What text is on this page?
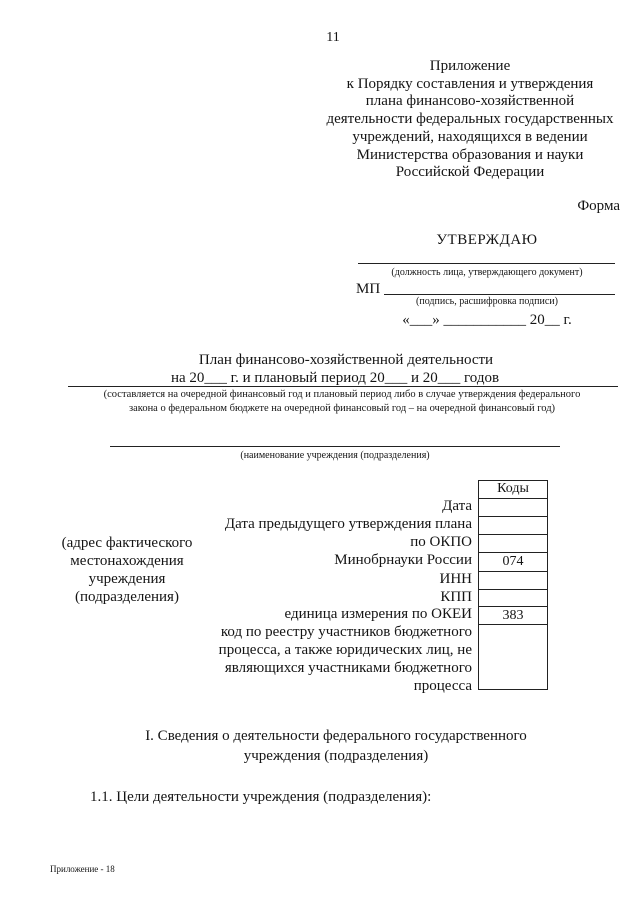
11
Приложение
к Порядку составления и утверждения
плана финансово-хозяйственной
деятельности федеральных государственных
учреждений, находящихся в ведении
Министерства образования и науки
Российской Федерации
Форма
УТВЕРЖДАЮ
(должность лица, утверждающего документ)
МП
(подпись, расшифровка подписи)
«___» ___________ 20__ г.
План финансово-хозяйственной деятельности
на 20___ г. и плановый период 20___ и 20___ годов
(составляется на очередной финансовый год и плановый период либо в случае утверждения федерального
закона о федеральном бюджете на очередной финансовый год – на очередной финансовый год)
(наименование учреждения (подразделения)
(адрес фактического
местонахождения
учреждения
(подразделения)
Дата
Дата предыдущего утверждения плана
по ОКПО
Минобрнауки России
ИНН
КПП
единица измерения по ОКЕИ
код по реестру участников бюджетного
процесса, а также юридических лиц, не
являющихся участниками бюджетного
процесса
Коды
074
383
I. Сведения о деятельности федерального государственного
учреждения (подразделения)
1.1. Цели деятельности учреждения (подразделения):
Приложение - 18
